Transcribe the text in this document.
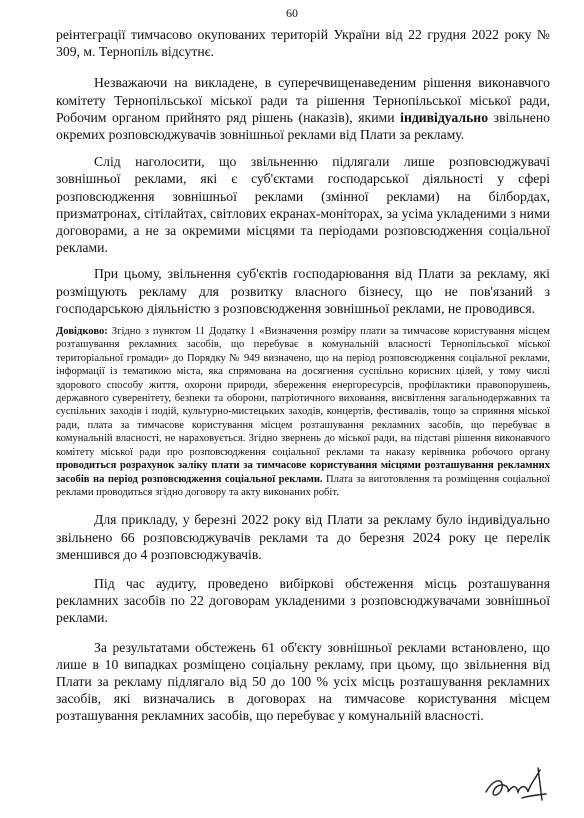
60

реінтеграції тимчасово окупованих територій України від 22 грудня 2022 року № 309, м. Тернопіль відсутнє.

Незважаючи на викладене, в суперечвищенаведеним рішення виконавчого комітету Тернопільської міської ради та рішення Тернопільської міської ради, Робочим органом прийнято ряд рішень (наказів), якими індивідуально звільнено окремих розповсюджувачів зовнішньої реклами від Плати за рекламу.

Слід наголосити, що звільненню підлягали лише розповсюджувачі зовнішньої реклами, які є суб'єктами господарської діяльності у сфері розповсюдження зовнішньої реклами (змінної реклами) на білбордах, призматронах, сітілайтах, світлових екранах-моніторах, за усіма укладеними з ними договорами, а не за окремими місцями та періодами розповсюдження соціальної реклами.

При цьому, звільнення суб'єктів господарювання від Плати за рекламу, які розміщують рекламу для розвитку власного бізнесу, що не пов'язаний з господарською діяльністю з розповсюдження зовнішньої реклами, не проводився.

Довідково: Згідно з пунктом 11 Додатку 1 «Визначення розміру плати за тимчасове користування місцем розташування рекламних засобів, що перебуває в комунальній власності Тернопільської міської територіальної громади» до Порядку № 949 визначено, що на період розповсюдження соціальної реклами, інформації із тематикою міста, яка спрямована на досягнення суспільно корисних цілей, у тому числі здорового способу життя, охорони природи, збереження енергоресурсів, профілактики правопорушень, державного суверенітету, безпеки та оборони, патріотичного виховання, висвітлення загальнодержавних та суспільних заходів і подій, культурно-мистецьких заходів, концертів, фестивалів, тощо за сприяння міської ради, плата за тимчасове користування місцем розташування рекламних засобів, що перебуває в комунальній власності, не нараховується. Згідно звернень до міської ради, на підставі рішення виконавчого комітету міської ради про розповсюдження соціальної реклами та наказу керівника робочого органу проводиться розрахунок заліку плати за тимчасове користування місцями розташування рекламних засобів на період розповсюдження соціальної реклами. Плата за виготовлення та розміщення соціальної реклами проводиться згідно договору та акту виконаних робіт.

Для прикладу, у березні 2022 року від Плати за рекламу було індивідуально звільнено 66 розповсюджувачів реклами та до березня 2024 року це перелік зменшився до 4 розповсюджувачів.

Під час аудиту, проведено вибіркові обстеження місць розташування рекламних засобів по 22 договорам укладеними з розповсюджувачами зовнішньої реклами.

За результатами обстежень 61 об'єкту зовнішньої реклами встановлено, що лише в 10 випадках розміщено соціальну рекламу, при цьому, що звільнення від Плати за рекламу підлягало від 50 до 100 % усіх місць розташування рекламних засобів, які визначались в договорах на тимчасове користування місцем розташування рекламних засобів, що перебуває у комунальній власності.
